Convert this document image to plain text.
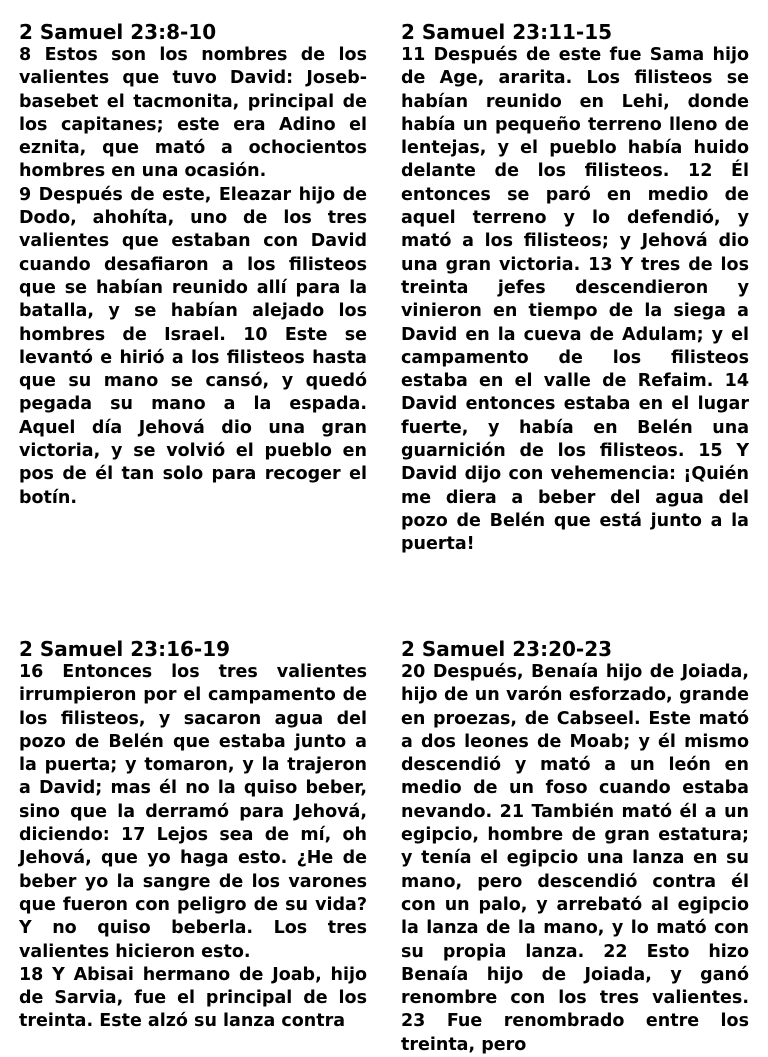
2 Samuel 23:8-10

8 Estos son los nombres de los valientes que tuvo David: Joseb-basebet el tacmonita, principal de los capitanes; este era Adino el eznita, que mató a ochocientos hombres en una ocasión.

9 Después de este, Eleazar hijo de Dodo, ahohíta, uno de los tres valientes que estaban con David cuando desafiaron a los filisteos que se habían reunido allí para la batalla, y se habían alejado los hombres de Israel. 10 Este se levantó e hirió a los filisteos hasta que su mano se cansó, y quedó pegada su mano a la espada. Aquel día Jehová dio una gran victoria, y se volvió el pueblo en pos de él tan solo para recoger el botín.

2 Samuel 23:11-15

11 Después de este fue Sama hijo de Age, ararita. Los filisteos se habían reunido en Lehi, donde había un pequeño terreno lleno de lentejas, y el pueblo había huido delante de los filisteos. 12 Él entonces se paró en medio de aquel terreno y lo defendió, y mató a los filisteos; y Jehová dio una gran victoria. 13 Y tres de los treinta jefes descendieron y vinieron en tiempo de la siega a David en la cueva de Adulam; y el campamento de los filisteos estaba en el valle de Refaim. 14 David entonces estaba en el lugar fuerte, y había en Belén una guarnición de los filisteos. 15 Y David dijo con vehemencia: ¡Quién me diera a beber del agua del pozo de Belén que está junto a la puerta!

2 Samuel 23:16-19

16 Entonces los tres valientes irrumpieron por el campamento de los filisteos, y sacaron agua del pozo de Belén que estaba junto a la puerta; y tomaron, y la trajeron a David; mas él no la quiso beber, sino que la derramó para Jehová, diciendo: 17 Lejos sea de mí, oh Jehová, que yo haga esto. ¿He de beber yo la sangre de los varones que fueron con peligro de su vida? Y no quiso beberla. Los tres valientes hicieron esto.

18 Y Abisai hermano de Joab, hijo de Sarvia, fue el principal de los treinta. Este alzó su lanza contra

2 Samuel 23:20-23

20 Después, Benaía hijo de Joiada, hijo de un varón esforzado, grande en proezas, de Cabseel. Este mató a dos leones de Moab; y él mismo descendió y mató a un león en medio de un foso cuando estaba nevando. 21 También mató él a un egipcio, hombre de gran estatura; y tenía el egipcio una lanza en su mano, pero descendió contra él con un palo, y arrebató al egipcio la lanza de la mano, y lo mató con su propia lanza. 22 Esto hizo Benaía hijo de Joiada, y ganó renombre con los tres valientes. 23 Fue renombrado entre los treinta, pero
